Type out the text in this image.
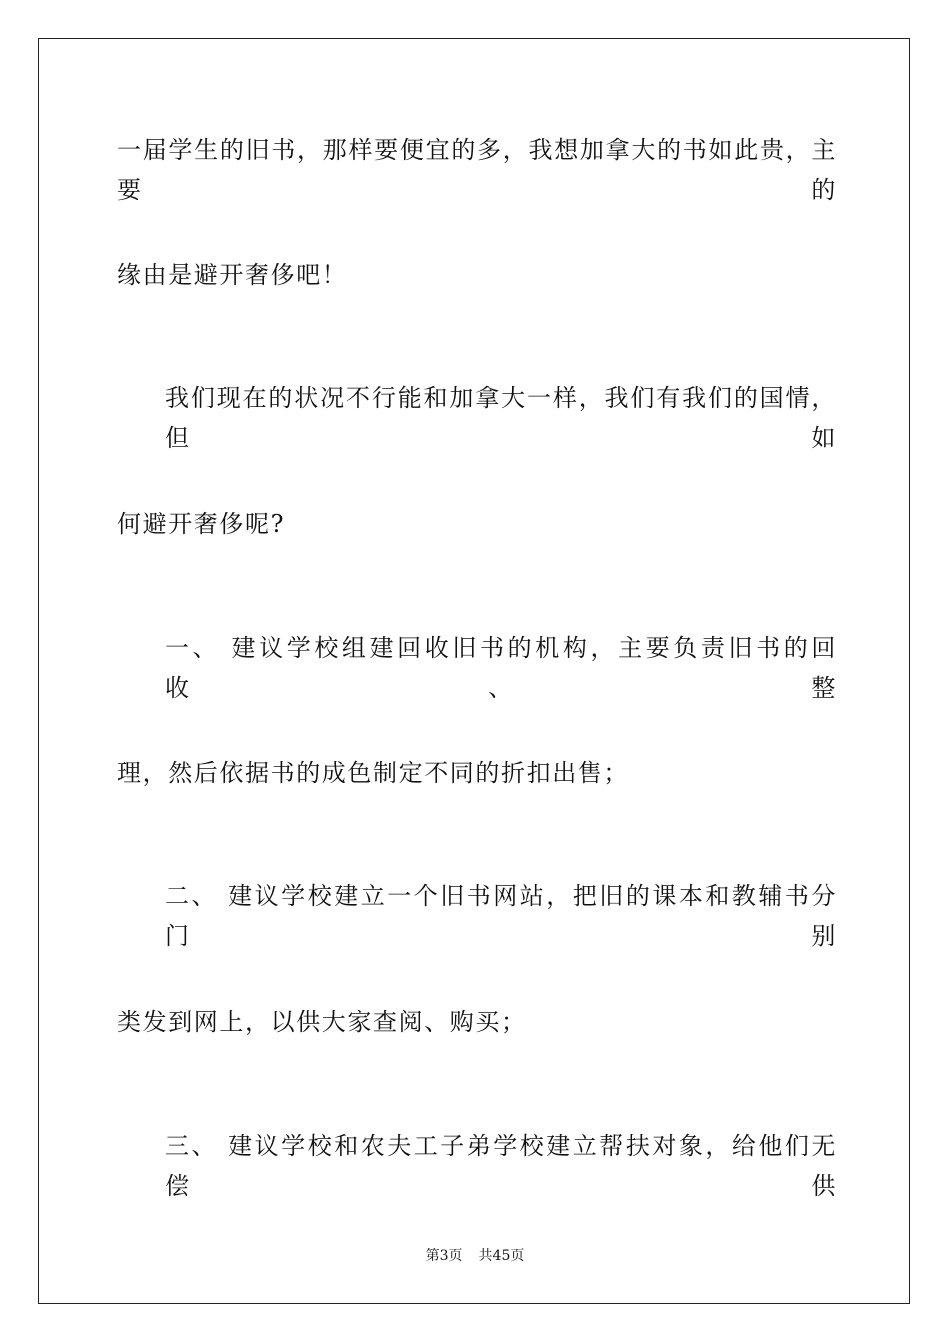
一届学生的旧书，那样要便宜的多，我想加拿大的书如此贵，主要的
缘由是避开奢侈吧！
我们现在的状况不行能和加拿大一样，我们有我们的国情，但如
何避开奢侈呢?
一、 建议学校组建回收旧书的机构，主要负责旧书的回收、整
理，然后依据书的成色制定不同的折扣出售；
二、 建议学校建立一个旧书网站，把旧的课本和教辅书分门别
类发到网上，以供大家查阅、购买；
三、 建议学校和农夫工子弟学校建立帮扶对象，给他们无偿供
第3页 共45页
